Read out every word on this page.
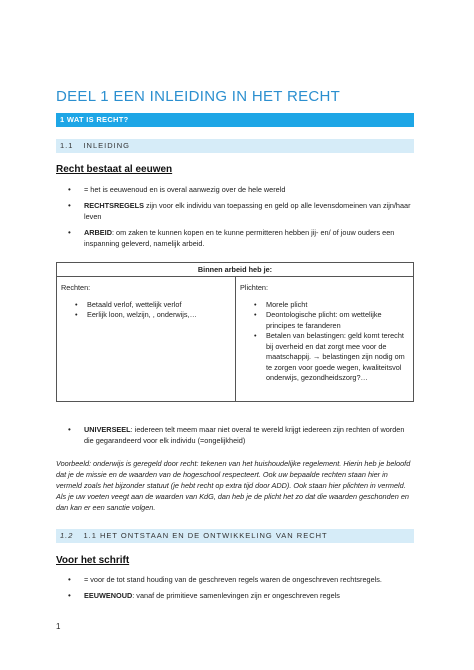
DEEL 1 EEN INLEIDING IN HET RECHT
1 WAT IS RECHT?
1.1 INLEIDING
Recht bestaat al eeuwen
• = het is eeuwenoud en is overal aanwezig over de hele wereld
• RECHTSREGELS zijn voor elk individu van toepassing en geld op alle levensdomeinen van zijn/haar leven
• ARBEID: om zaken te kunnen kopen en te kunne permitteren hebben jij- en/ of jouw ouders een inspanning geleverd, namelijk arbeid.
Binnen arbeid heb je:
Rechten:
• Betaald verlof, wettelijk verlof
• Eerlijk loon, welzijn, , onderwijs,…
Plichten:
• Morele plicht
• Deontologische plicht: om wettelijke principes te faranderen
• Betalen van belastingen: geld komt terecht bij overheid en dat zorgt mee voor de maatschappij. → belastingen zijn nodig om te zorgen voor goede wegen, kwaliteitsvol onderwijs, gezondheidszorg?…
• UNIVERSEEL: iedereen telt meem maar niet overal te wereld krijgt iedereen zijn rechten of worden die gegarandeerd voor elk individu (=ongelijkheid)

Voorbeeld: onderwijs is geregeld door recht: tekenen van het huishoudelijke regelement. Hierin heb je beloofd dat je de missie en de waarden van de hogeschool respecteert. Ook uw bepaalde rechten staan hier in vermeld zoals het bijzonder statuut (je hebt recht op extra tijd door ADD). Ook staan hier plichten in vermeld. Als je uw voeten veegt aan de waarden van KdG, dan heb je de plicht het zo dat die waarden geschonden en dan kan er een sanctie volgen.

1.2 1.1 HET ONTSTAAN EN DE ONTWIKKELING VAN RECHT
Voor het schrift
• = voor de tot stand houding van de geschreven regels waren de ongeschreven rechtsregels.
• EEUWENOUD: vanaf de primitieve samenlevingen zijn er ongeschreven regels
1
